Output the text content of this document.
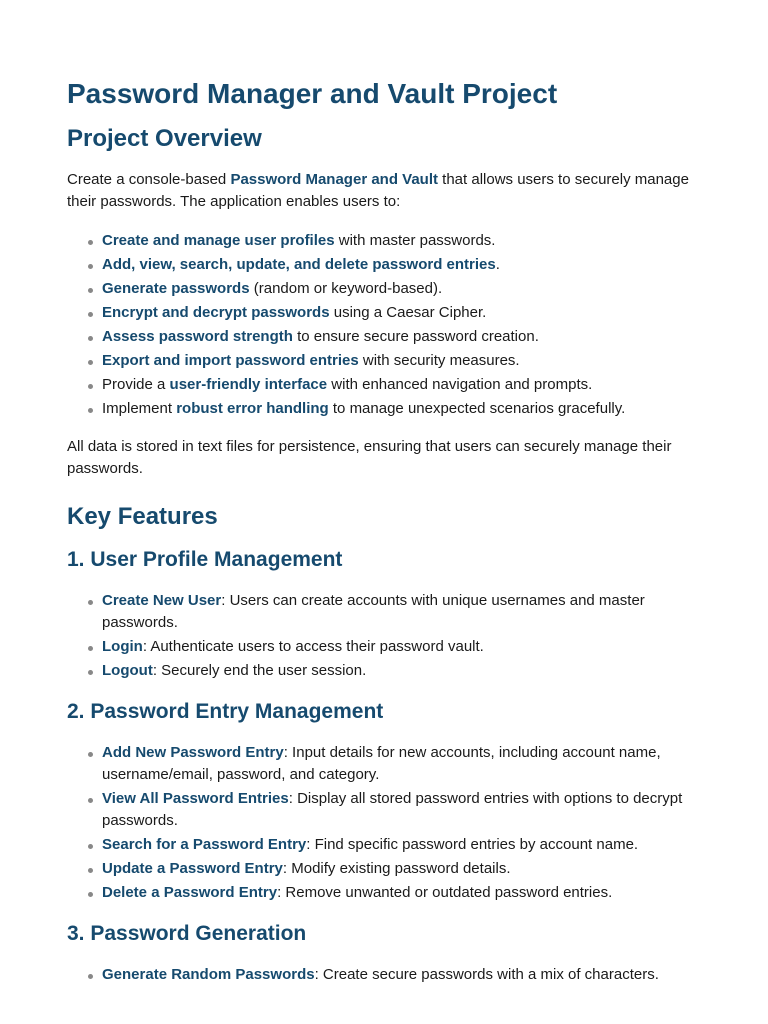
Password Manager and Vault Project
Project Overview

Create a console-based Password Manager and Vault that allows users to securely manage their passwords. The application enables users to:

Create and manage user profiles with master passwords.
Add, view, search, update, and delete password entries.
Generate passwords (random or keyword-based).
Encrypt and decrypt passwords using a Caesar Cipher.
Assess password strength to ensure secure password creation.
Export and import password entries with security measures.
Provide a user-friendly interface with enhanced navigation and prompts.
Implement robust error handling to manage unexpected scenarios gracefully.

All data is stored in text files for persistence, ensuring that users can securely manage their passwords.

Key Features
1. User Profile Management
Create New User: Users can create accounts with unique usernames and master passwords.
Login: Authenticate users to access their password vault.
Logout: Securely end the user session.
2. Password Entry Management
Add New Password Entry: Input details for new accounts, including account name, username/email, password, and category.
View All Password Entries: Display all stored password entries with options to decrypt passwords.
Search for a Password Entry: Find specific password entries by account name.
Update a Password Entry: Modify existing password details.
Delete a Password Entry: Remove unwanted or outdated password entries.
3. Password Generation
Generate Random Passwords: Create secure passwords with a mix of characters.
